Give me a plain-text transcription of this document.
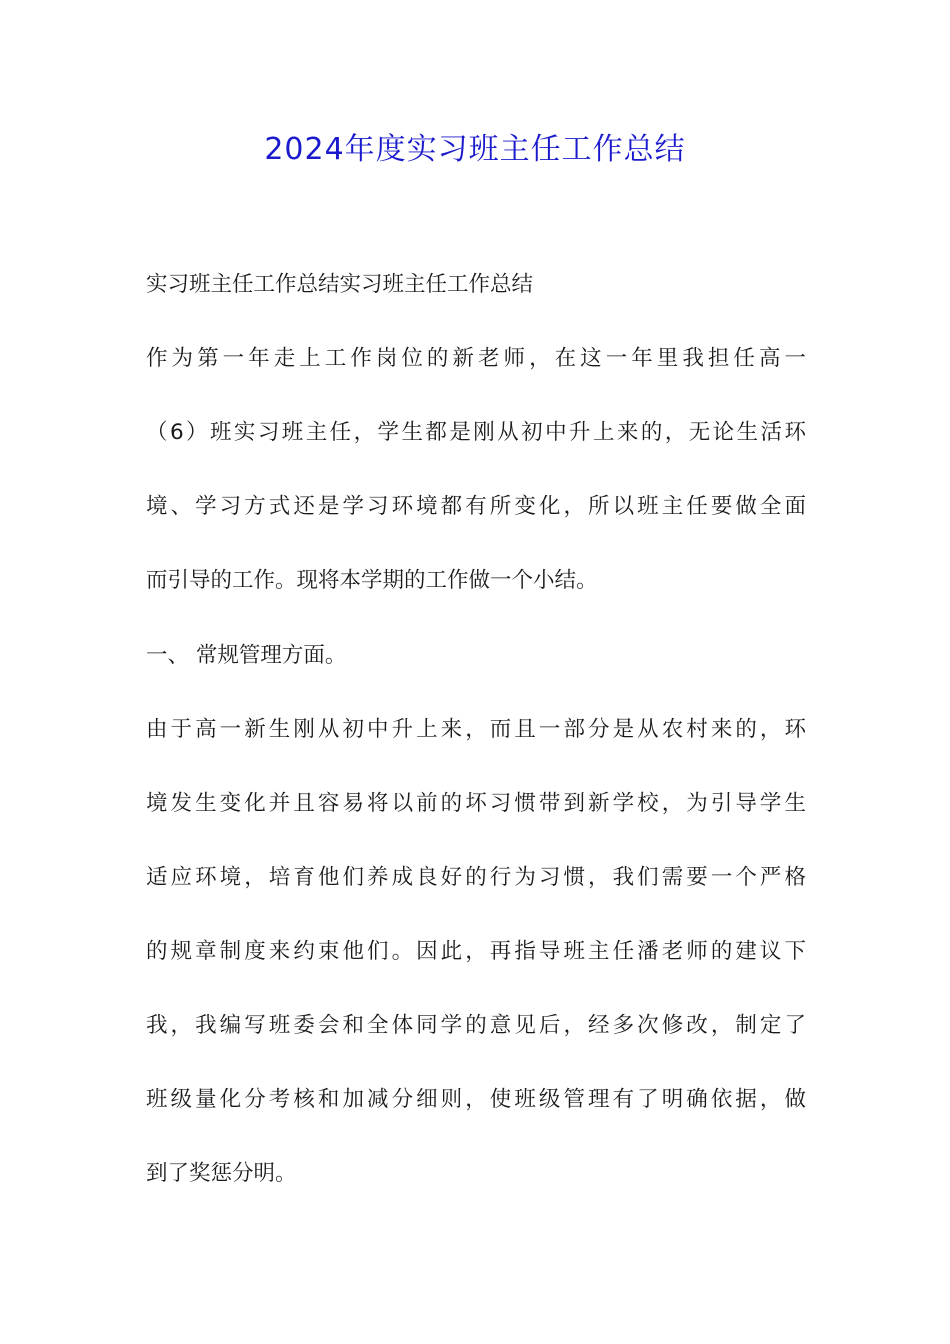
2024年度实习班主任工作总结
实习班主任工作总结实习班主任工作总结
作为第一年走上工作岗位的新老师，在这一年里我担任高一
（6）班实习班主任，学生都是刚从初中升上来的，无论生活环
境、学习方式还是学习环境都有所变化，所以班主任要做全面
而引导的工作。现将本学期的工作做一个小结。
一、 常规管理方面。
由于高一新生刚从初中升上来，而且一部分是从农村来的，环
境发生变化并且容易将以前的坏习惯带到新学校，为引导学生
适应环境，培育他们养成良好的行为习惯，我们需要一个严格
的规章制度来约束他们。因此，再指导班主任潘老师的建议下
我，我编写班委会和全体同学的意见后，经多次修改，制定了
班级量化分考核和加减分细则，使班级管理有了明确依据，做
到了奖惩分明。
